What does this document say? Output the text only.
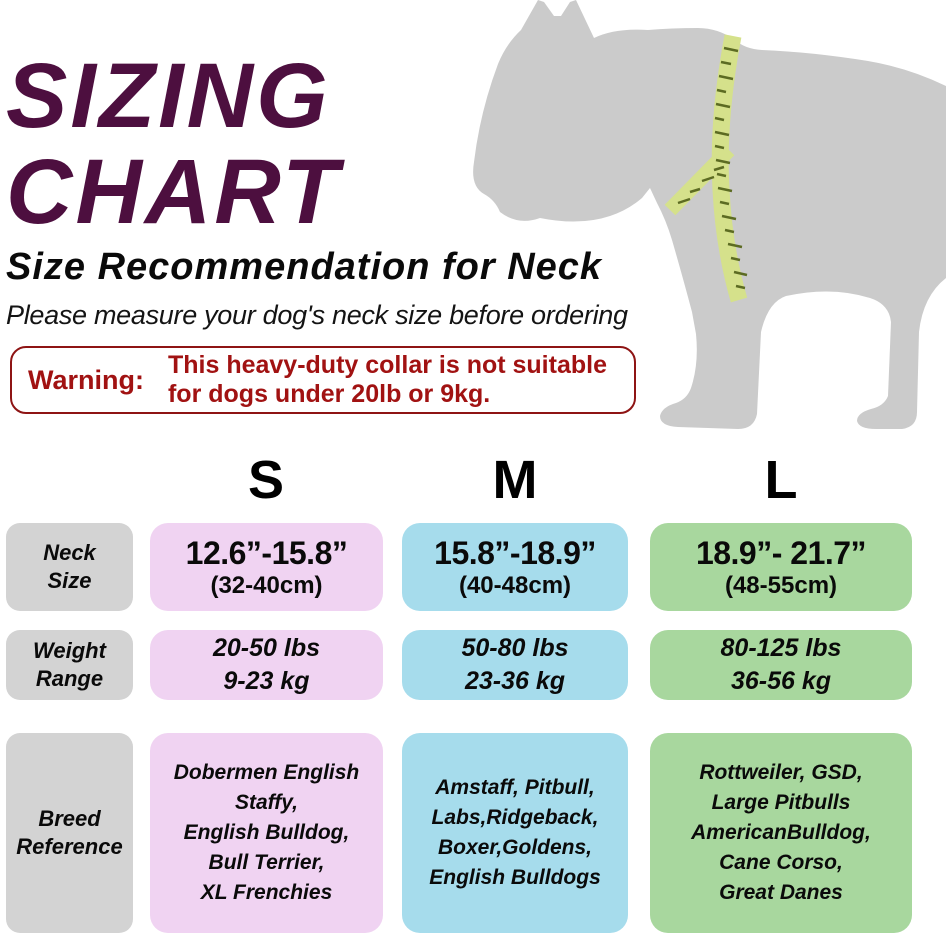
SIZING
CHART
Size Recommendation for Neck
Please measure your dog's neck size before ordering
Warning: This heavy-duty collar is not suitable
for dogs under 20lb or 9kg.
S	M	L
Neck
Size
12.6”-15.8”
(32-40cm)
15.8”-18.9”
(40-48cm)
18.9”- 21.7”
(48-55cm)
Weight
Range
20-50 lbs
9-23 kg
50-80 lbs
23-36 kg
80-125 lbs
36-56 kg
Breed
Reference
Dobermen English
Staffy,
English Bulldog,
Bull Terrier,
XL Frenchies
Amstaff, Pitbull,
Labs,Ridgeback,
Boxer,Goldens,
English Bulldogs
Rottweiler, GSD,
Large Pitbulls
AmericanBulldog,
Cane Corso,
Great Danes
